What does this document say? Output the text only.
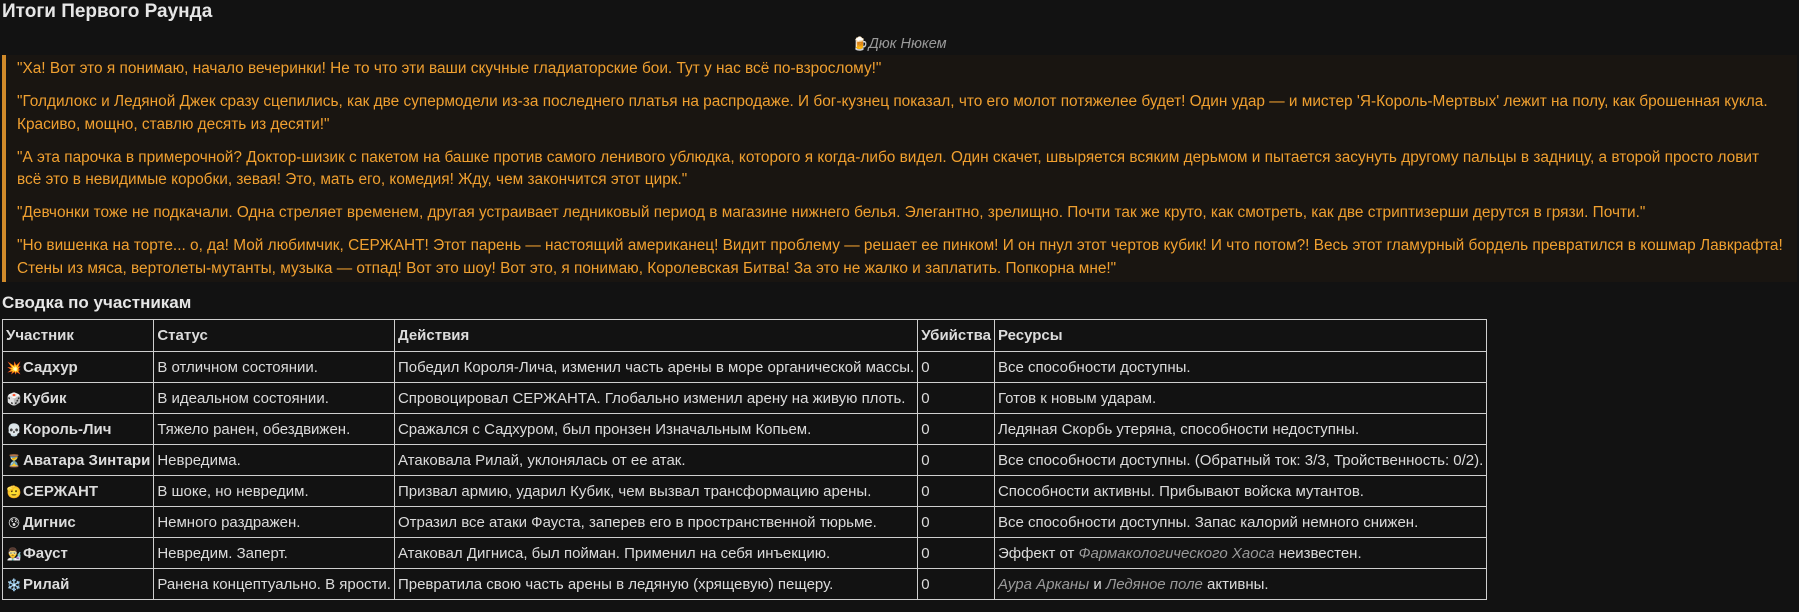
Итоги Первого Раунда
🍺Дюк Нюкем

"Ха! Вот это я понимаю, начало вечеринки! Не то что эти ваши скучные гладиаторские бои. Тут у нас всё по-взрослому!"

"Голдилокс и Ледяной Джек сразу сцепились, как две супермодели из-за последнего платья на распродаже. И бог-кузнец показал, что его молот потяжелее будет! Один удар — и мистер 'Я-Король-Мертвых' лежит на полу, как брошенная кукла. Красиво, мощно, ставлю десять из десяти!"

"А эта парочка в примерочной? Доктор-шизик с пакетом на башке против самого ленивого ублюдка, которого я когда-либо видел. Один скачет, швыряется всяким дерьмом и пытается засунуть другому пальцы в задницу, а второй просто ловит всё это в невидимые коробки, зевая! Это, мать его, комедия! Жду, чем закончится этот цирк."

"Девчонки тоже не подкачали. Одна стреляет временем, другая устраивает ледниковый период в магазине нижнего белья. Элегантно, зрелищно. Почти так же круто, как смотреть, как две стриптизерши дерутся в грязи. Почти."

"Но вишенка на торте... о, да! Мой любимчик, СЕРЖАНТ! Этот парень — настоящий американец! Видит проблему — решает ее пинком! И он пнул этот чертов кубик! И что потом?! Весь этот гламурный бордель превратился в кошмар Лавкрафта! Стены из мяса, вертолеты-мутанты, музыка — отпад! Вот это шоу! Вот это, я понимаю, Королевская Битва! За это не жалко и заплатить. Попкорна мне!"

Сводка по участникам
Участник	Статус	Действия	Убийства	Ресурсы
💥 Садхур	В отличном состоянии.	Победил Короля-Лича, изменил часть арены в море органической массы.	0	Все способности доступны.
🎲 Кубик	В идеальном состоянии.	Спровоцировал СЕРЖАНТА. Глобально изменил арену на живую плоть.	0	Готов к новым ударам.
💀 Король-Лич	Тяжело ранен, обездвижен.	Сражался с Садхуром, был пронзен Изначальным Копьем.	0	Ледяная Скорбь утеряна, способности недоступны.
⏳ Аватара Зинтари	Невредима.	Атаковала Рилай, уклонялась от ее атак.	0	Все способности доступны. (Обратный ток: 3/3, Тройственность: 0/2).
🫡 СЕРЖАНТ	В шоке, но невредим.	Призвал армию, ударил Кубик, чем вызвал трансформацию арены.	0	Способности активны. Прибывают войска мутантов.
😰 Дигнис	Немного раздражен.	Отразил все атаки Фауста, заперев его в пространственной тюрьме.	0	Все способности доступны. Запас калорий немного снижен.
👨‍🔬 Фауст	Невредим. Заперт.	Атаковал Дигниса, был пойман. Применил на себя инъекцию.	0	Эффект от Фармакологического Хаоса неизвестен.
❄️ Рилай	Ранена концептуально. В ярости.	Превратила свою часть арены в ледяную (хрящевую) пещеру.	0	Аура Арканы и Ледяное поле активны.
